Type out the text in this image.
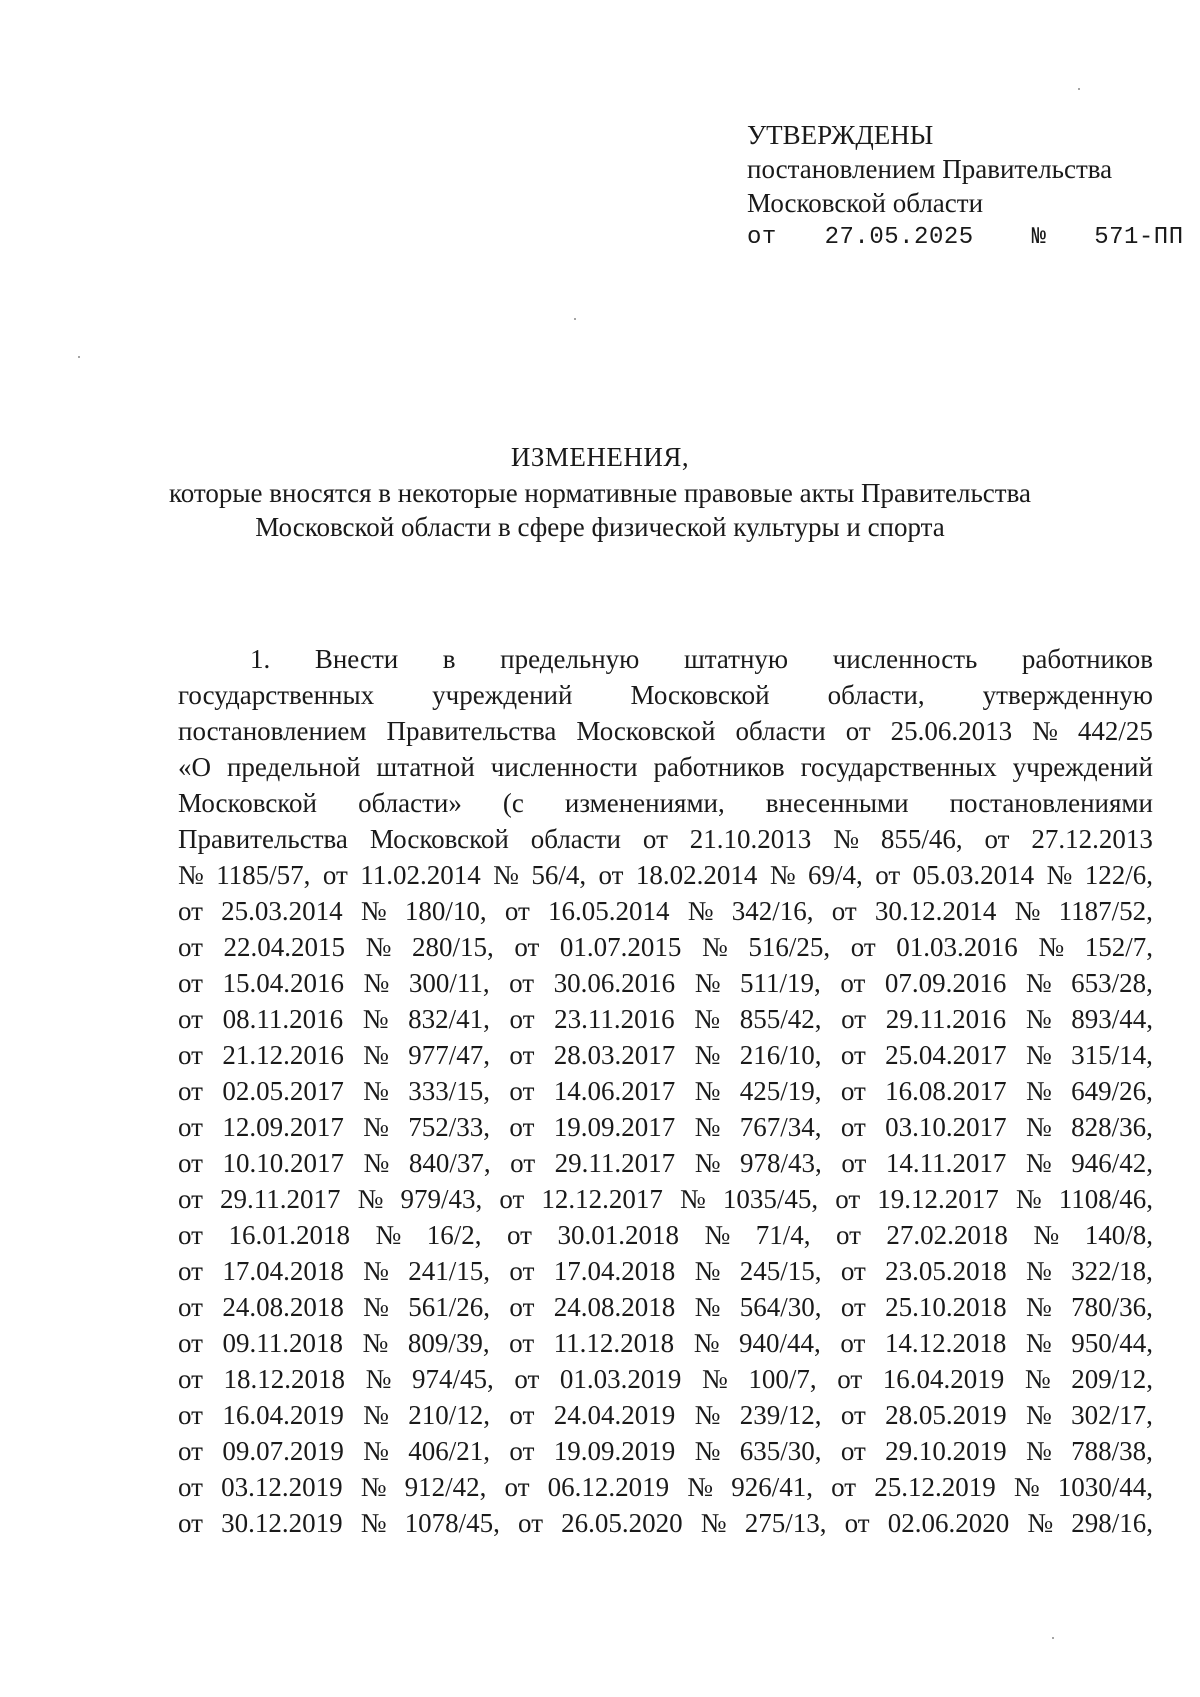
УТВЕРЖДЕНЫ
постановлением Правительства
Московской области
от 27.05.2025 № 571-ПП
ИЗМЕНЕНИЯ,
которые вносятся в некоторые нормативные правовые акты Правительства
Московской области в сфере физической культуры и спорта
1. Внести в предельную штатную численность работников
государственных учреждений Московской области, утвержденную
постановлением Правительства Московской области от 25.06.2013 № 442/25
«О предельной штатной численности работников государственных учреждений
Московской области» (с изменениями, внесенными постановлениями
Правительства Московской области от 21.10.2013 № 855/46, от 27.12.2013
№ 1185/57, от 11.02.2014 № 56/4, от 18.02.2014 № 69/4, от 05.03.2014 № 122/6,
от 25.03.2014 № 180/10, от 16.05.2014 № 342/16, от 30.12.2014 № 1187/52,
от 22.04.2015 № 280/15, от 01.07.2015 № 516/25, от 01.03.2016 № 152/7,
от 15.04.2016 № 300/11, от 30.06.2016 № 511/19, от 07.09.2016 № 653/28,
от 08.11.2016 № 832/41, от 23.11.2016 № 855/42, от 29.11.2016 № 893/44,
от 21.12.2016 № 977/47, от 28.03.2017 № 216/10, от 25.04.2017 № 315/14,
от 02.05.2017 № 333/15, от 14.06.2017 № 425/19, от 16.08.2017 № 649/26,
от 12.09.2017 № 752/33, от 19.09.2017 № 767/34, от 03.10.2017 № 828/36,
от 10.10.2017 № 840/37, от 29.11.2017 № 978/43, от 14.11.2017 № 946/42,
от 29.11.2017 № 979/43, от 12.12.2017 № 1035/45, от 19.12.2017 № 1108/46,
от 16.01.2018 № 16/2, от 30.01.2018 № 71/4, от 27.02.2018 № 140/8,
от 17.04.2018 № 241/15, от 17.04.2018 № 245/15, от 23.05.2018 № 322/18,
от 24.08.2018 № 561/26, от 24.08.2018 № 564/30, от 25.10.2018 № 780/36,
от 09.11.2018 № 809/39, от 11.12.2018 № 940/44, от 14.12.2018 № 950/44,
от 18.12.2018 № 974/45, от 01.03.2019 № 100/7, от 16.04.2019 № 209/12,
от 16.04.2019 № 210/12, от 24.04.2019 № 239/12, от 28.05.2019 № 302/17,
от 09.07.2019 № 406/21, от 19.09.2019 № 635/30, от 29.10.2019 № 788/38,
от 03.12.2019 № 912/42, от 06.12.2019 № 926/41, от 25.12.2019 № 1030/44,
от 30.12.2019 № 1078/45, от 26.05.2020 № 275/13, от 02.06.2020 № 298/16,
